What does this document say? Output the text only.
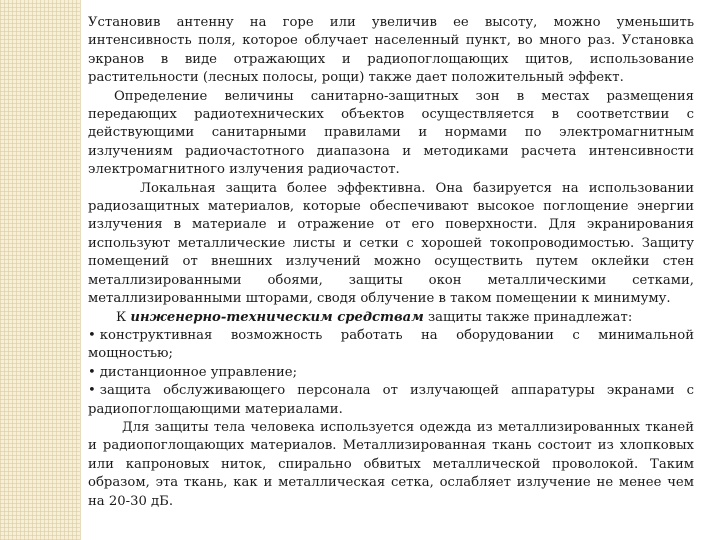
Установив антенну на горе или увеличив ее высоту, можно уменьшить интенсивность поля, которое облучает населенный пункт, во много раз. Установка экранов в виде отражающих и радиопоглощающих щитов, использование растительности (лесных полосы, рощи) также дает положительный эффект.

Определение величины санитарно-защитных зон в местах размещения передающих радиотехнических объектов осуществляется в соответствии с действующими санитарными правилами и нормами по электромагнитным излучениям радиочастотного диапазона и методиками расчета интенсивности электромагнитного излучения радиочастот.

Локальная защита более эффективна. Она базируется на использовании радиозащитных материалов, которые обеспечивают высокое поглощение энергии излучения в материале и отражение от его поверхности. Для экранирования используют металлические листы и сетки с хорошей токопроводимостью. Защиту помещений от внешних излучений можно осуществить путем оклейки стен металлизированными обоями, защиты окон металлическими сетками, металлизированными шторами, сводя облучение в таком помещении к минимуму.

К инженерно-техническим средствам защиты также принадлежат:

• конструктивная возможность работать на оборудовании с минимальной мощностью;

• дистанционное управление;

• защита обслуживающего персонала от излучающей аппаратуры экранами с радиопоглощающими материалами.

Для защиты тела человека используется одежда из металлизированных тканей и радиопоглощающих материалов. Металлизированная ткань состоит из хлопковых или капроновых ниток, спирально обвитых металлической проволокой. Таким образом, эта ткань, как и металлическая сетка, ослабляет излучение не менее чем на 20-30 дБ.
